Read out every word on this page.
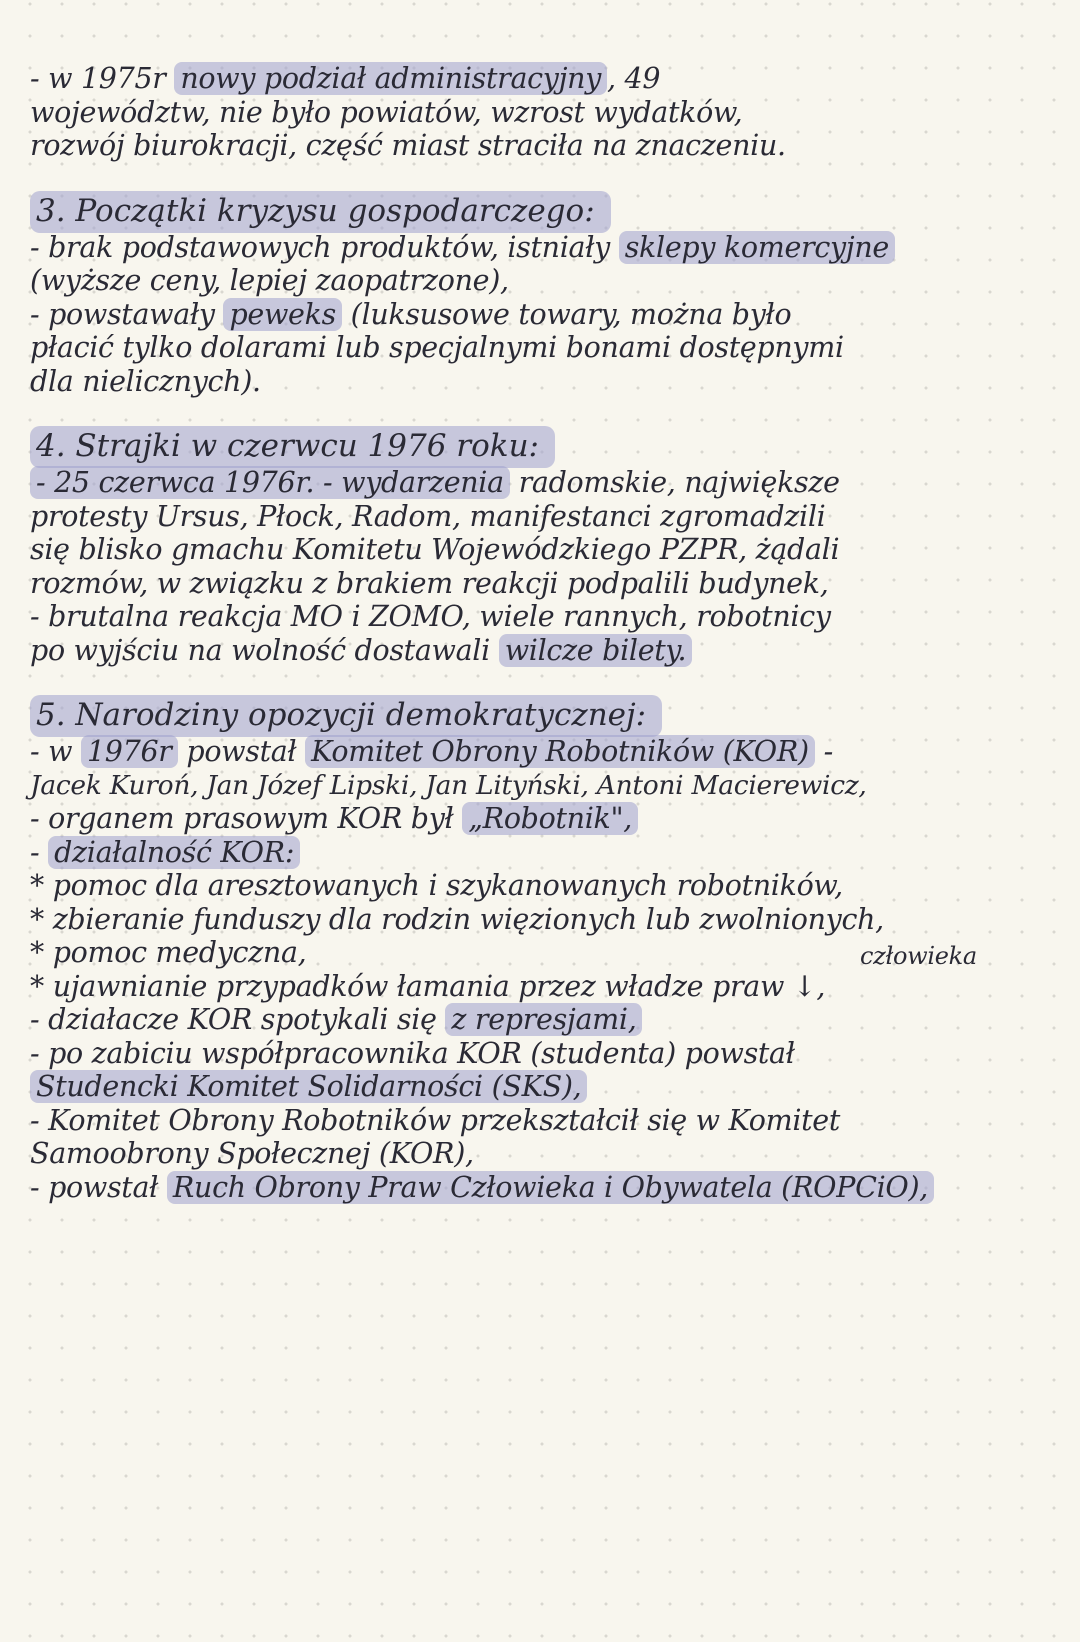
- w 1975r nowy podział administracyjny , 49
województw, nie było powiatów, wzrost wydatków,
rozwój biurokracji, część miast straciła na znaczeniu.
3. Początki kryzysu gospodarczego:
- brak podstawowych produktów, istniały sklepy komercyjne
(wyższe ceny, lepiej zaopatrzone),
- powstawały peweks (luksusowe towary, można było
płacić tylko dolarami lub specjalnymi bonami dostępnymi
dla nielicznych).
4. Strajki w czerwcu 1976 roku:
- 25 czerwca 1976r. - wydarzenia radomskie, największe
protesty Ursus, Płock, Radom, manifestanci zgromadzili
się blisko gmachu Komitetu Wojewódzkiego PZPR, żądali
rozmów, w związku z brakiem reakcji podpalili budynek,
- brutalna reakcja MO i ZOMO, wiele rannych, robotnicy
po wyjściu na wolność dostawali wilcze bilety.
5. Narodziny opozycji demokratycznej:
- w 1976r powstał Komitet Obrony Robotników (KOR) -
Jacek Kuroń, Jan Józef Lipski, Jan Lityński, Antoni Macierewicz,
- organem prasowym KOR był „Robotnik",
- działalność KOR:
* pomoc dla aresztowanych i szykanowanych robotników,
* zbieranie funduszy dla rodzin więzionych lub zwolnionych,
* pomoc medyczna,	człowieka
* ujawnianie przypadków łamania przez władze praw ↓,
- działacze KOR spotykali się z represjami,
- po zabiciu współpracownika KOR (studenta) powstał
Studencki Komitet Solidarności (SKS),
- Komitet Obrony Robotników przekształcił się w Komitet
Samoobrony Społecznej (KOR),
- powstał Ruch Obrony Praw Człowieka i Obywatela (ROPCiO),
